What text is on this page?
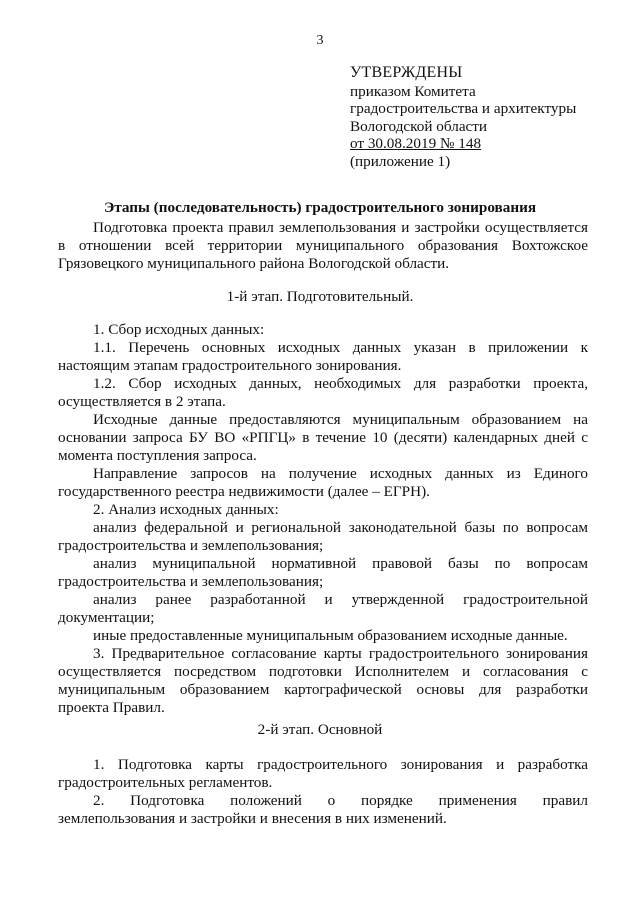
3
УТВЕРЖДЕНЫ
приказом Комитета
градостроительства и архитектуры
Вологодской области
от 30.08.2019 № 148
(приложение 1)
Этапы (последовательность) градостроительного зонирования
Подготовка проекта правил землепользования и застройки осуществляется
в отношении всей территории муниципального образования Вохтожское
Грязовецкого муниципального района Вологодской области.
1-й этап. Подготовительный.
1. Сбор исходных данных:
1.1. Перечень основных исходных данных указан в приложении к
настоящим этапам градостроительного зонирования.
1.2. Сбор исходных данных, необходимых для разработки проекта,
осуществляется в 2 этапа.
Исходные данные предоставляются муниципальным образованием на
основании запроса БУ ВО «РПГЦ» в течение 10 (десяти) календарных дней с
момента поступления запроса.
Направление запросов на получение исходных данных из Единого
государственного реестра недвижимости (далее – ЕГРН).
2. Анализ исходных данных:
анализ федеральной и региональной законодательной базы по вопросам
градостроительства и землепользования;
анализ муниципальной нормативной правовой базы по вопросам
градостроительства и землепользования;
анализ ранее разработанной и утвержденной градостроительной
документации;
иные предоставленные муниципальным образованием исходные данные.
3. Предварительное согласование карты градостроительного зонирования
осуществляется посредством подготовки Исполнителем и согласования с
муниципальным образованием картографической основы для разработки
проекта Правил.
2-й этап. Основной
1. Подготовка карты градостроительного зонирования и разработка
градостроительных регламентов.
2. Подготовка положений о порядке применения правил
землепользования и застройки и внесения в них изменений.
